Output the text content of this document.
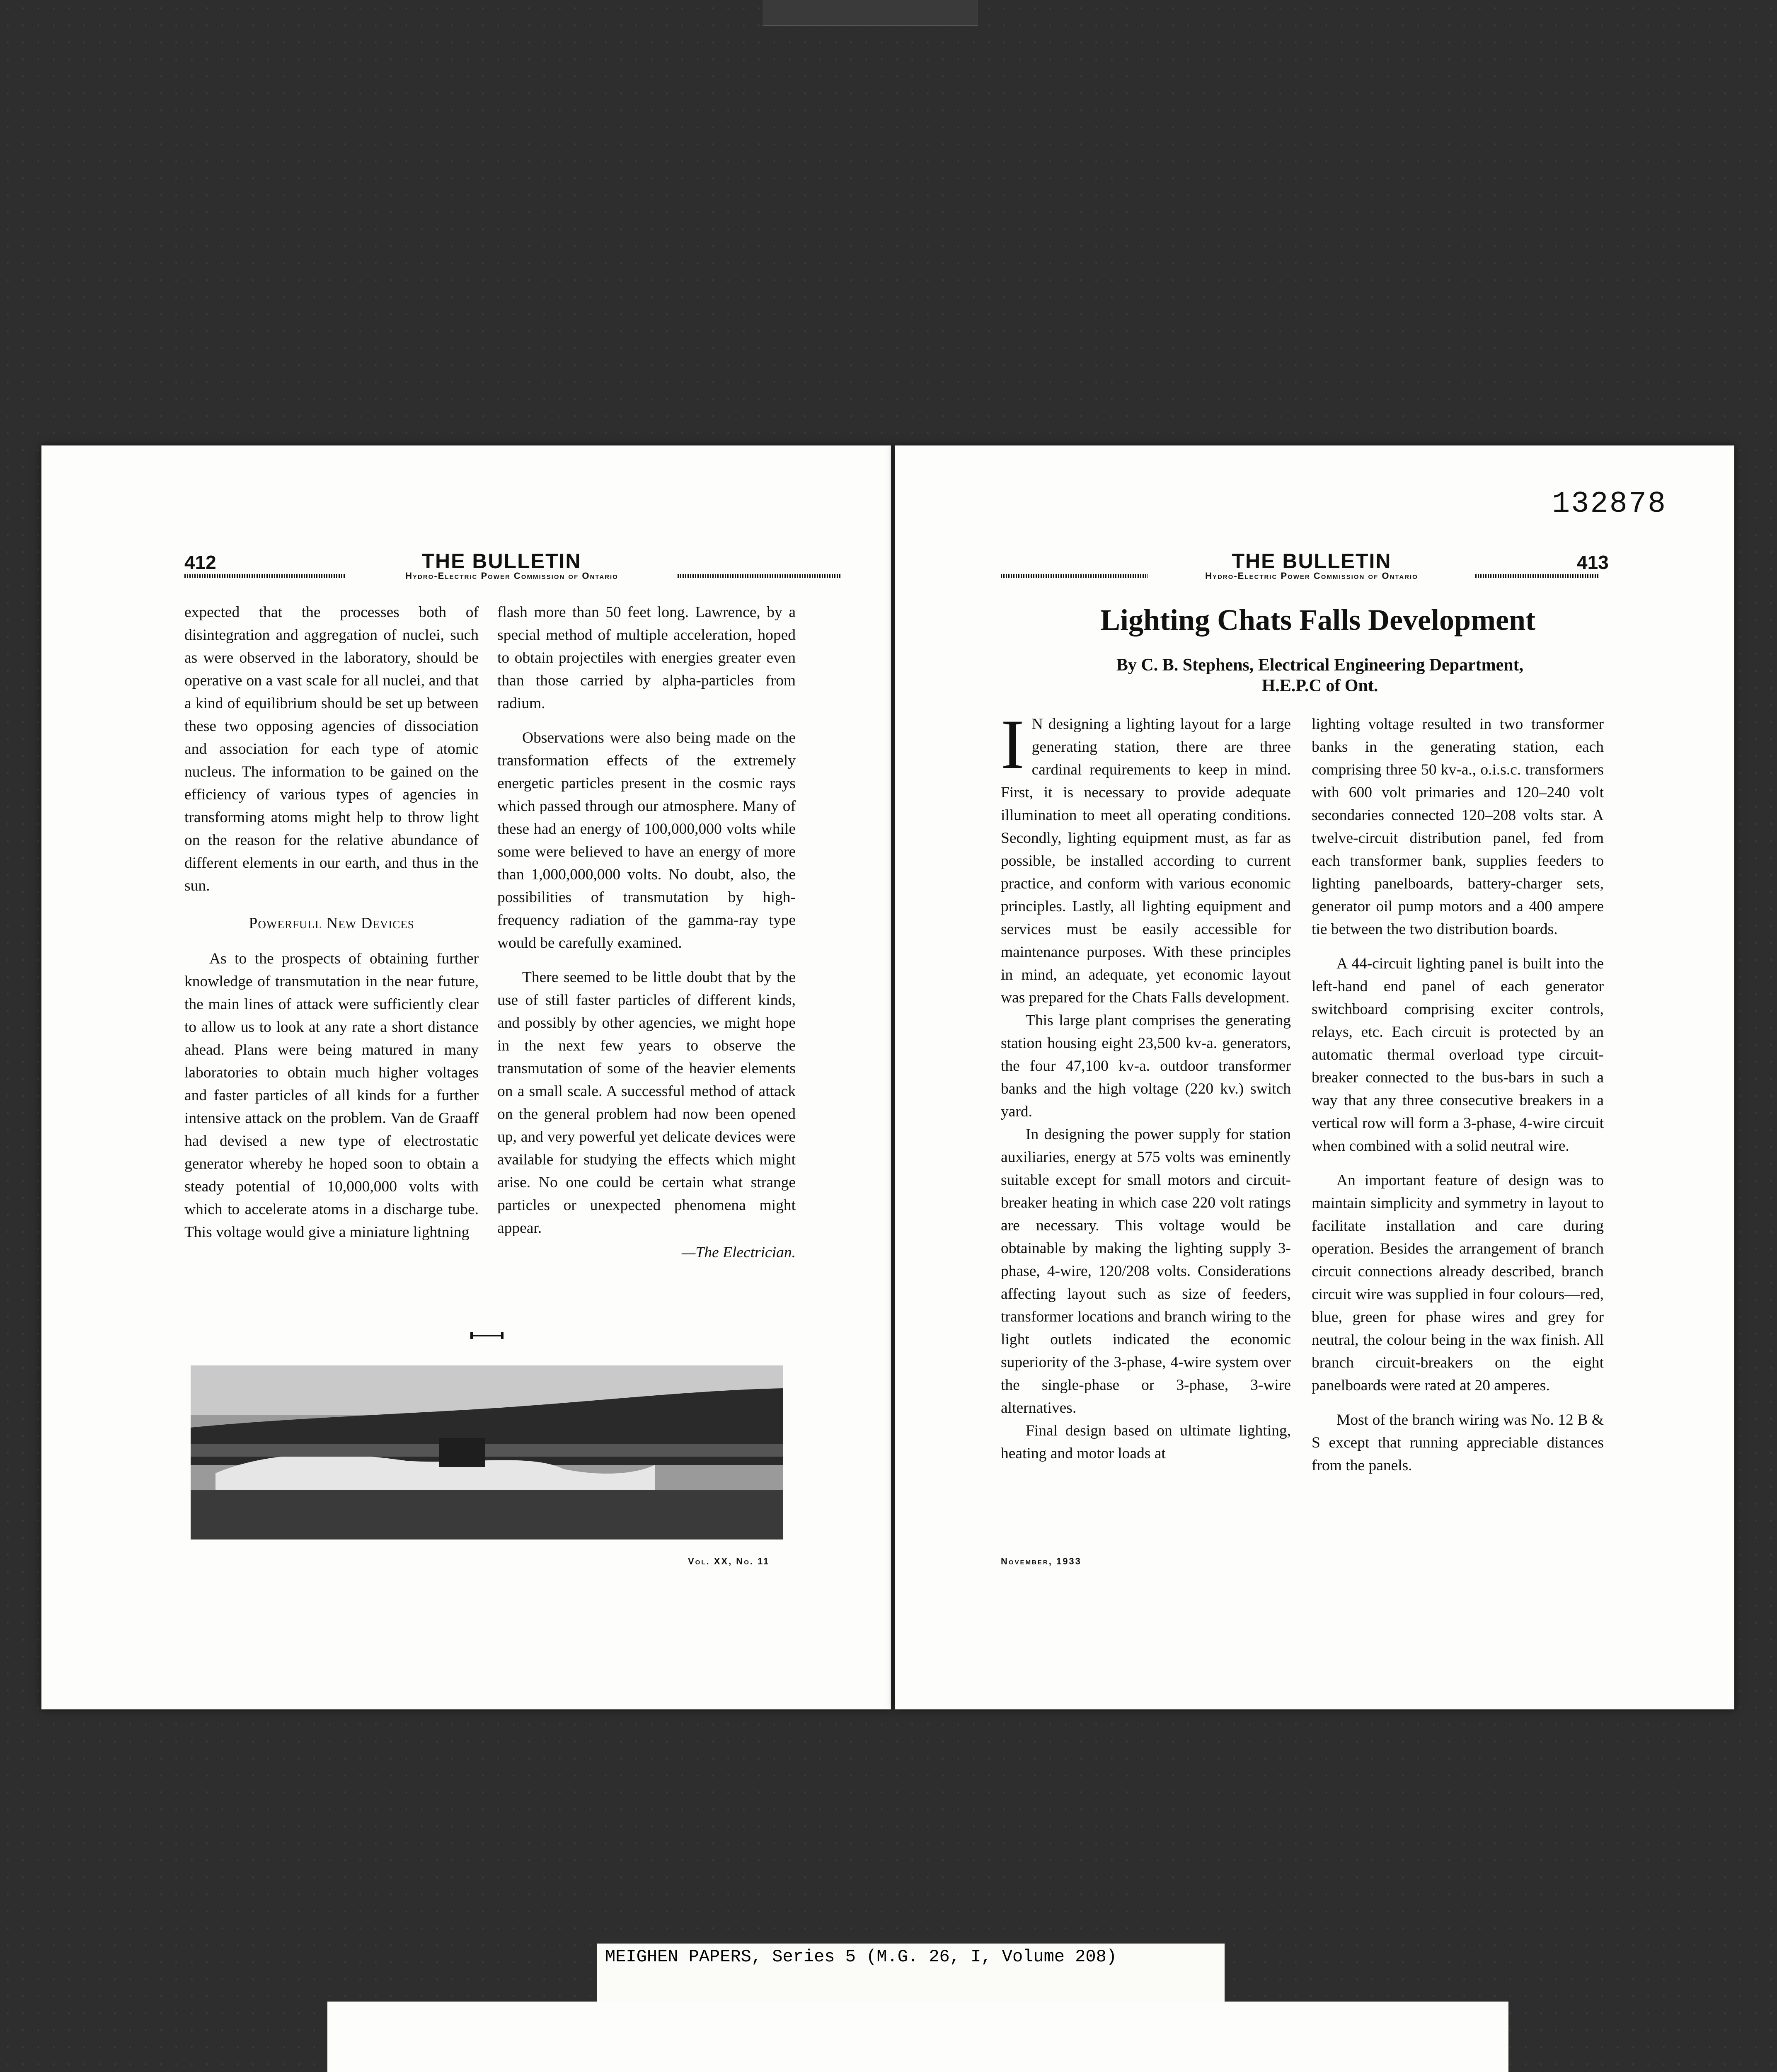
412	THE BULLETIN
Hydro-Electric Power Commission of Ontario

expected that the processes both of disintegration and aggregation of nuclei, such as were observed in the laboratory, should be operative on a vast scale for all nuclei, and that a kind of equilibrium should be set up between these two opposing agencies of dissociation and association for each type of atomic nucleus. The information to be gained on the efficiency of various types of agencies in transforming atoms might help to throw light on the reason for the relative abundance of different elements in our earth, and thus in the sun.

Powerfull New Devices

As to the prospects of obtaining further knowledge of transmutation in the near future, the main lines of attack were sufficiently clear to allow us to look at any rate a short distance ahead. Plans were being matured in many laboratories to obtain much higher voltages and faster particles of all kinds for a further intensive attack on the problem. Van de Graaff had devised a new type of electrostatic generator whereby he hoped soon to obtain a steady potential of 10,000,000 volts with which to accelerate atoms in a discharge tube. This voltage would give a miniature lightning

flash more than 50 feet long. Lawrence, by a special method of multiple acceleration, hoped to obtain projectiles with energies greater even than those carried by alpha-particles from radium.

Observations were also being made on the transformation effects of the extremely energetic particles present in the cosmic rays which passed through our atmosphere. Many of these had an energy of 100,000,000 volts while some were believed to have an energy of more than 1,000,000,000 volts. No doubt, also, the possibilities of transmutation by high-frequency radiation of the gamma-ray type would be carefully examined.

There seemed to be little doubt that by the use of still faster particles of different kinds, and possibly by other agencies, we might hope in the next few years to observe the transmutation of some of the heavier elements on a small scale. A successful method of attack on the general problem had now been opened up, and very powerful yet delicate devices were available for studying the effects which might arise. No one could be certain what strange particles or unexpected phenomena might appear.

—The Electrician.
Vol. XX, No. 11
132878
THE BULLETIN	413
Hydro-Electric Power Commission of Ontario
Lighting Chats Falls Development
By C. B. Stephens, Electrical Engineering Department,
H.E.P.C of Ont.

I N designing a lighting layout for a large generating station, there are three cardinal requirements to keep in mind. First, it is necessary to provide adequate illumination to meet all operating conditions. Secondly, lighting equipment must, as far as possible, be installed according to current practice, and conform with various economic principles. Lastly, all lighting equipment and services must be easily accessible for maintenance purposes. With these principles in mind, an adequate, yet economic layout was prepared for the Chats Falls development.

This large plant comprises the generating station housing eight 23,500 kv-a. generators, the four 47,100 kv-a. outdoor transformer banks and the high voltage (220 kv.) switch yard.

In designing the power supply for station auxiliaries, energy at 575 volts was eminently suitable except for small motors and circuit-breaker heating in which case 220 volt ratings are necessary. This voltage would be obtainable by making the lighting supply 3-phase, 4-wire, 120/208 volts. Considerations affecting layout such as size of feeders, transformer locations and branch wiring to the light outlets indicated the economic superiority of the 3-phase, 4-wire system over the single-phase or 3-phase, 3-wire alternatives.

Final design based on ultimate lighting, heating and motor loads at

lighting voltage resulted in two transformer banks in the generating station, each comprising three 50 kv-a., o.i.s.c. transformers with 600 volt primaries and 120–240 volt secondaries connected 120–208 volts star. A twelve-circuit distribution panel, fed from each transformer bank, supplies feeders to lighting panelboards, battery-charger sets, generator oil pump motors and a 400 ampere tie between the two distribution boards.

A 44-circuit lighting panel is built into the left-hand end panel of each generator switchboard comprising exciter controls, relays, etc. Each circuit is protected by an automatic thermal overload type circuit-breaker connected to the bus-bars in such a way that any three consecutive breakers in a vertical row will form a 3-phase, 4-wire circuit when combined with a solid neutral wire.

An important feature of design was to maintain simplicity and symmetry in layout to facilitate installation and care during operation. Besides the arrangement of branch circuit connections already described, branch circuit wire was supplied in four colours—red, blue, green for phase wires and grey for neutral, the colour being in the wax finish. All branch circuit-breakers on the eight panelboards were rated at 20 amperes.

Most of the branch wiring was No. 12 B & S except that running appreciable distances from the panels.

November, 1933
MEIGHEN PAPERS, Series 5 (M.G. 26, I, Volume 208)
